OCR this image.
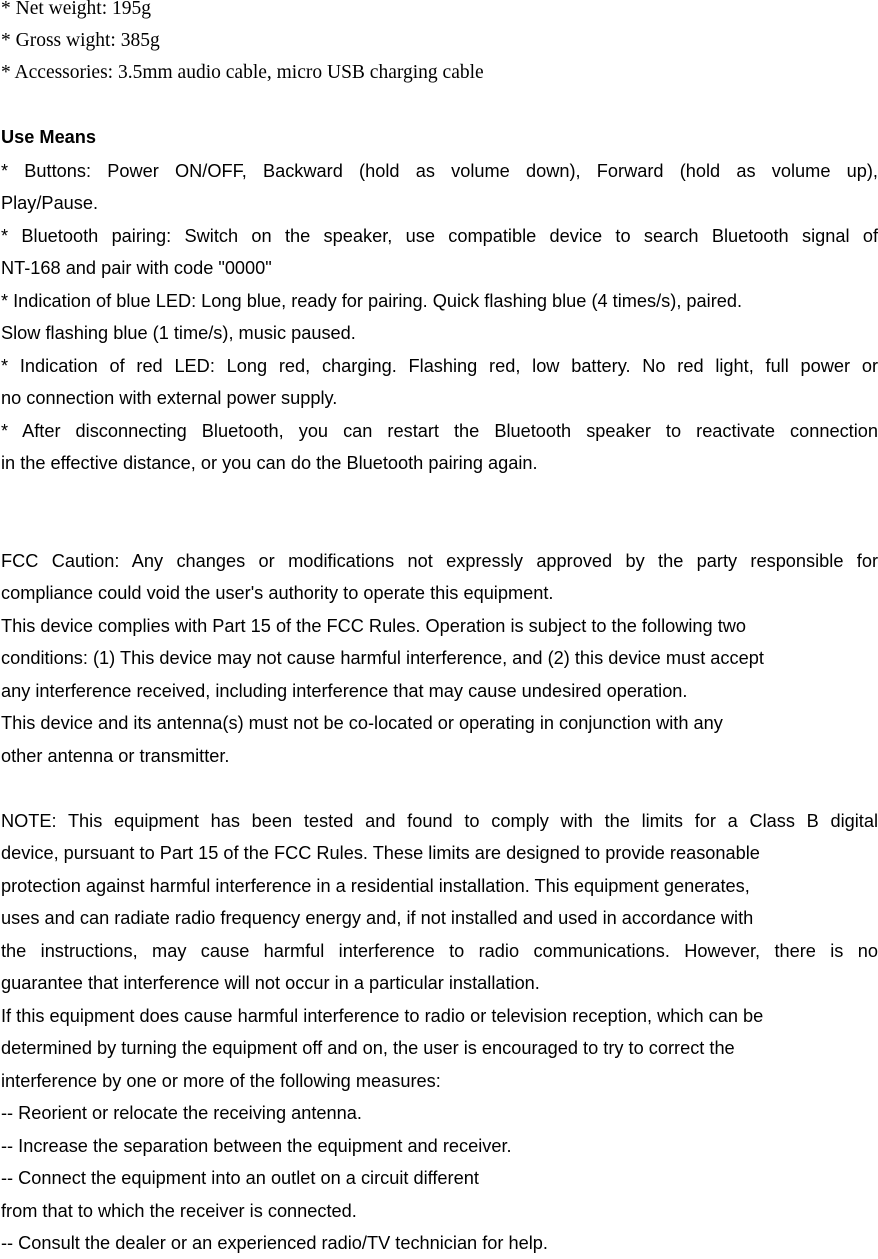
* Net weight: 195g
* Gross wight: 385g
* Accessories: 3.5mm audio cable, micro USB charging cable
Use Means
* Buttons: Power ON/OFF, Backward (hold as volume down), Forward (hold as volume up),
Play/Pause.
* Bluetooth pairing: Switch on the speaker, use compatible device to search Bluetooth signal of
NT-168 and pair with code "0000"
* Indication of blue LED: Long blue, ready for pairing. Quick flashing blue (4 times/s), paired.
Slow flashing blue (1 time/s), music paused.
* Indication of red LED: Long red, charging. Flashing red, low battery. No red light, full power or
no connection with external power supply.
* After disconnecting Bluetooth, you can restart the Bluetooth speaker to reactivate connection
in the effective distance, or you can do the Bluetooth pairing again.
FCC Caution: Any changes or modifications not expressly approved by the party responsible for
compliance could void the user's authority to operate this equipment.
This device complies with Part 15 of the FCC Rules. Operation is subject to the following two
conditions: (1) This device may not cause harmful interference, and (2) this device must accept
any interference received, including interference that may cause undesired operation.
This device and its antenna(s) must not be co-located or operating in conjunction with any
other antenna or transmitter.
NOTE: This equipment has been tested and found to comply with the limits for a Class B digital
device, pursuant to Part 15 of the FCC Rules. These limits are designed to provide reasonable
protection against harmful interference in a residential installation. This equipment generates,
uses and can radiate radio frequency energy and, if not installed and used in accordance with
the instructions, may cause harmful interference to radio communications. However, there is no
guarantee that interference will not occur in a particular installation.
If this equipment does cause harmful interference to radio or television reception, which can be
determined by turning the equipment off and on, the user is encouraged to try to correct the
interference by one or more of the following measures:
-- Reorient or relocate the receiving antenna.
-- Increase the separation between the equipment and receiver.
-- Connect the equipment into an outlet on a circuit different
from that to which the receiver is connected.
-- Consult the dealer or an experienced radio/TV technician for help.
